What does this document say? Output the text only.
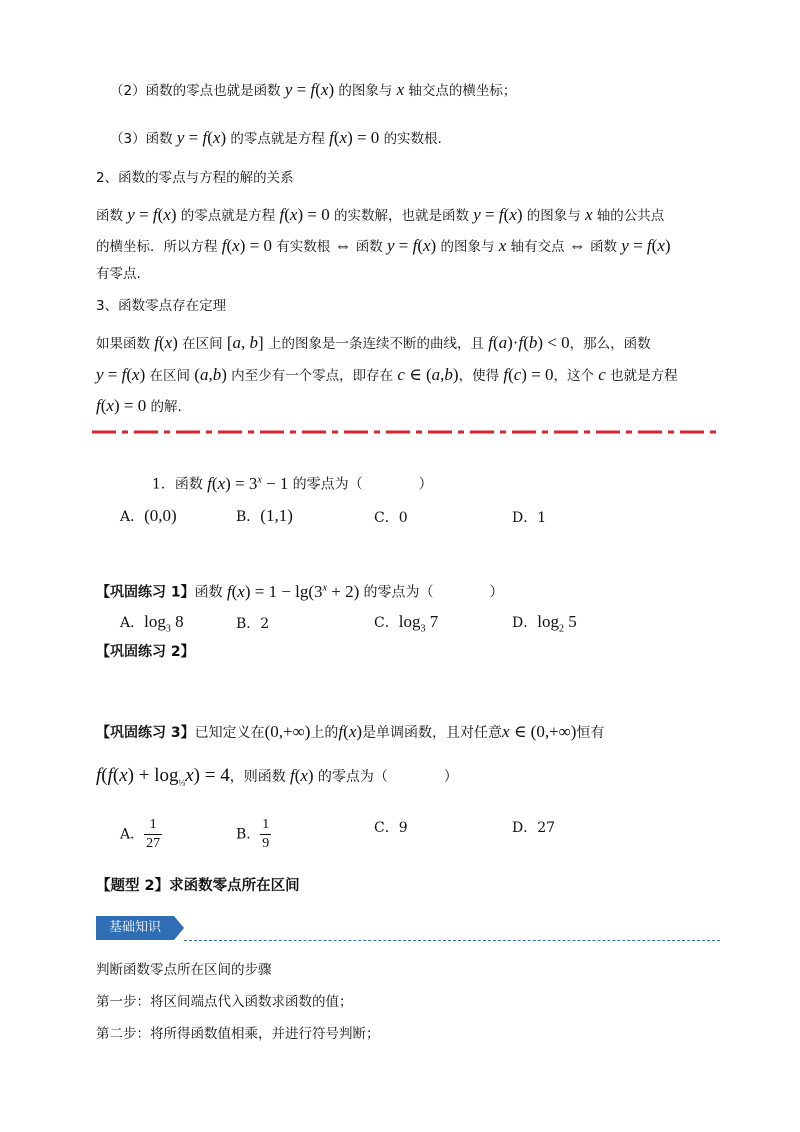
（2）函数的零点也就是函数 y = f(x) 的图象与 x 轴交点的横坐标；
（3）函数 y = f(x) 的零点就是方程 f(x) = 0 的实数根.
2、函数的零点与方程的解的关系
函数 y = f(x) 的零点就是方程 f(x) = 0 的实数解，也就是函数 y = f(x) 的图象与 x 轴的公共点
的横坐标．所以方程 f(x) = 0 有实数根 ⇔ 函数 y = f(x) 的图象与 x 轴有交点 ⇔ 函数 y = f(x)
有零点.
3、函数零点存在定理
如果函数 f(x) 在区间 [a, b] 上的图象是一条连续不断的曲线，且 f(a)·f(b) < 0，那么，函数
y = f(x) 在区间 (a,b) 内至少有一个零点，即存在 c ∈ (a,b)，使得 f(c) = 0，这个 c 也就是方程
f(x) = 0 的解.
1．函数 $f(x) = 3^x - 1$ 的零点为（　　　　）
A．(0,0)	B．(1,1)	C．0	D．1
【巩固练习 1】函数 $f(x) = 1 - \lg(3^x + 2)$ 的零点为（　　　　）
A．$\log_3 8$	B．2	C．$\log_3 7$	D．$\log_2 5$
【巩固练习 2】
【巩固练习 3】已知定义在(0,+∞)上的f(x)是单调函数，且对任意x ∈ (0,+∞)恒有
$f(f(x) + \log_{\frac{1}{3}}x) = 4$，则函数 f(x) 的零点为（　　　　）
A． $\frac{1}{27}$	B． $\frac{1}{9}$	C．9	D．27
【题型 2】求函数零点所在区间
基础知识
判断函数零点所在区间的步骤
第一步：将区间端点代入函数求函数的值；
第二步：将所得函数值相乘，并进行符号判断；
